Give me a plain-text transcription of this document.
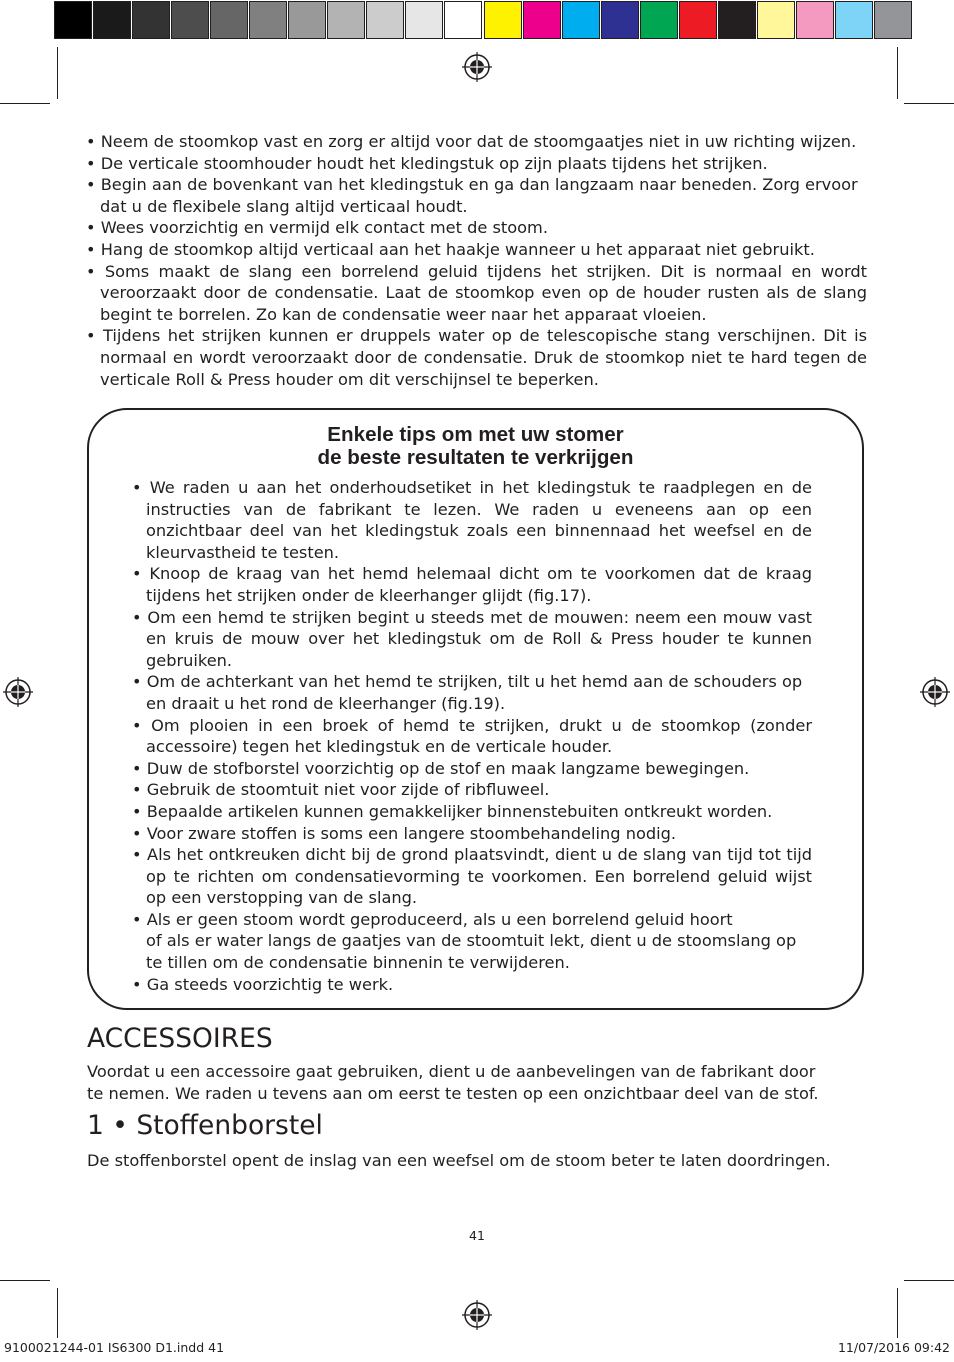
• Neem de stoomkop vast en zorg er altijd voor dat de stoomgaatjes niet in uw richting wijzen.
• De verticale stoomhouder houdt het kledingstuk op zijn plaats tijdens het strijken.
• Begin aan de bovenkant van het kledingstuk en ga dan langzaam naar beneden. Zorg ervoor dat u de flexibele slang altijd verticaal houdt.
• Wees voorzichtig en vermijd elk contact met de stoom.
• Hang de stoomkop altijd verticaal aan het haakje wanneer u het apparaat niet gebruikt.
• Soms maakt de slang een borrelend geluid tijdens het strijken. Dit is normaal en wordt veroorzaakt door de condensatie. Laat de stoomkop even op de houder rusten als de slang begint te borrelen. Zo kan de condensatie weer naar het apparaat vloeien.
• Tijdens het strijken kunnen er druppels water op de telescopische stang verschijnen. Dit is normaal en wordt veroorzaakt door de condensatie. Druk de stoomkop niet te hard tegen de verticale Roll & Press houder om dit verschijnsel te beperken.
Enkele tips om met uw stomer
de beste resultaten te verkrijgen
• We raden u aan het onderhoudsetiket in het kledingstuk te raadplegen en de instructies van de fabrikant te lezen. We raden u eveneens aan op een onzichtbaar deel van het kledingstuk zoals een binnennaad het weefsel en de kleurvastheid te testen.
• Knoop de kraag van het hemd helemaal dicht om te voorkomen dat de kraag tijdens het strijken onder de kleerhanger glijdt (fig.17).
• Om een hemd te strijken begint u steeds met de mouwen: neem een mouw vast en kruis de mouw over het kledingstuk om de Roll & Press houder te kunnen gebruiken.
• Om de achterkant van het hemd te strijken, tilt u het hemd aan de schouders op en draait u het rond de kleerhanger (fig.19).
• Om plooien in een broek of hemd te strijken, drukt u de stoomkop (zonder accessoire) tegen het kledingstuk en de verticale houder.
• Duw de stofborstel voorzichtig op de stof en maak langzame bewegingen.
• Gebruik de stoomtuit niet voor zijde of ribfluweel.
• Bepaalde artikelen kunnen gemakkelijker binnenstebuiten ontkreukt worden.
• Voor zware stoffen is soms een langere stoombehandeling nodig.
• Als het ontkreuken dicht bij de grond plaatsvindt, dient u de slang van tijd tot tijd op te richten om condensatievorming te voorkomen. Een borrelend geluid wijst op een verstopping van de slang.
• Als er geen stoom wordt geproduceerd, als u een borrelend geluid hoort
of als er water langs de gaatjes van de stoomtuit lekt, dient u de stoomslang op te tillen om de condensatie binnenin te verwijderen.
• Ga steeds voorzichtig te werk.
ACCESSOIRES
Voordat u een accessoire gaat gebruiken, dient u de aanbevelingen van de fabrikant door
te nemen. We raden u tevens aan om eerst te testen op een onzichtbaar deel van de stof.
1 • Stoffenborstel
De stoffenborstel opent de inslag van een weefsel om de stoom beter te laten doordringen.
41
9100021244-01 IS6300 D1.indd 41	11/07/2016 09:42
